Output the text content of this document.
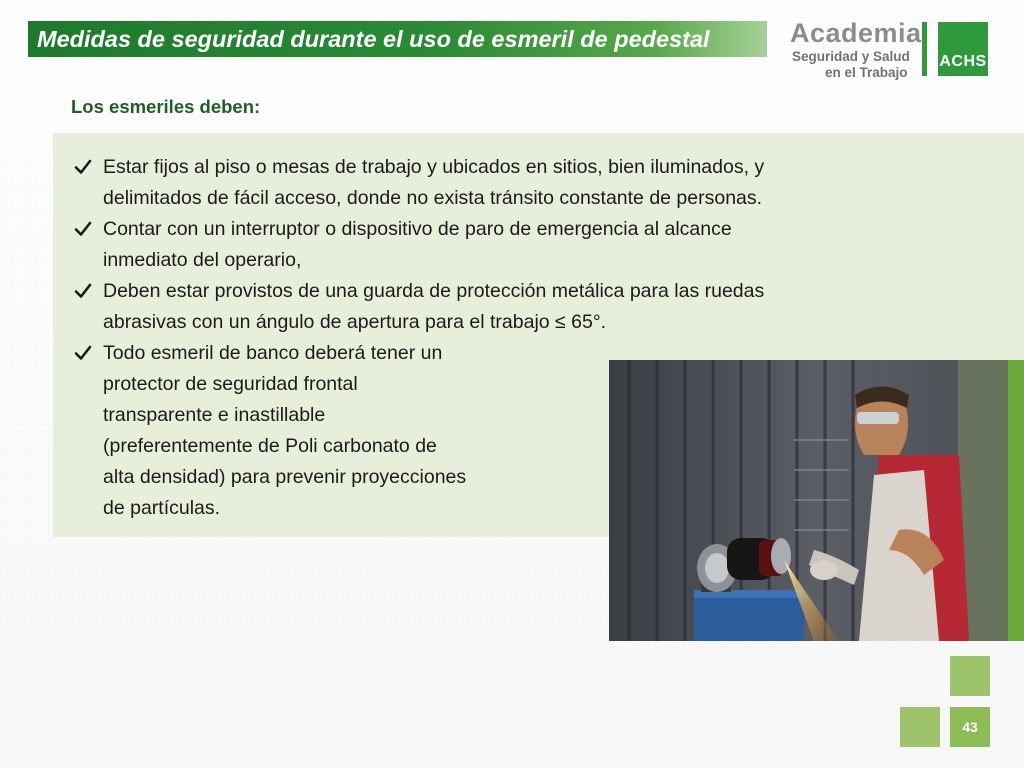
Medidas de seguridad durante el uso de esmeril de pedestal	Academia
Seguridad y Salud
en el Trabajo
ACHS
Los esmeriles deben:
Estar fijos al piso o mesas de trabajo y ubicados en sitios, bien iluminados, y
delimitados de fácil acceso, donde no exista tránsito constante de personas.
Contar con un interruptor o dispositivo de paro de emergencia al alcance
inmediato del operario,
Deben estar provistos de una guarda de protección metálica para las ruedas
abrasivas con un ángulo de apertura para el trabajo ≤ 65°.
Todo esmeril de banco deberá tener un
protector de seguridad frontal
transparente e inastillable
(preferentemente de Poli carbonato de
alta densidad) para prevenir proyecciones
de partículas.
43
